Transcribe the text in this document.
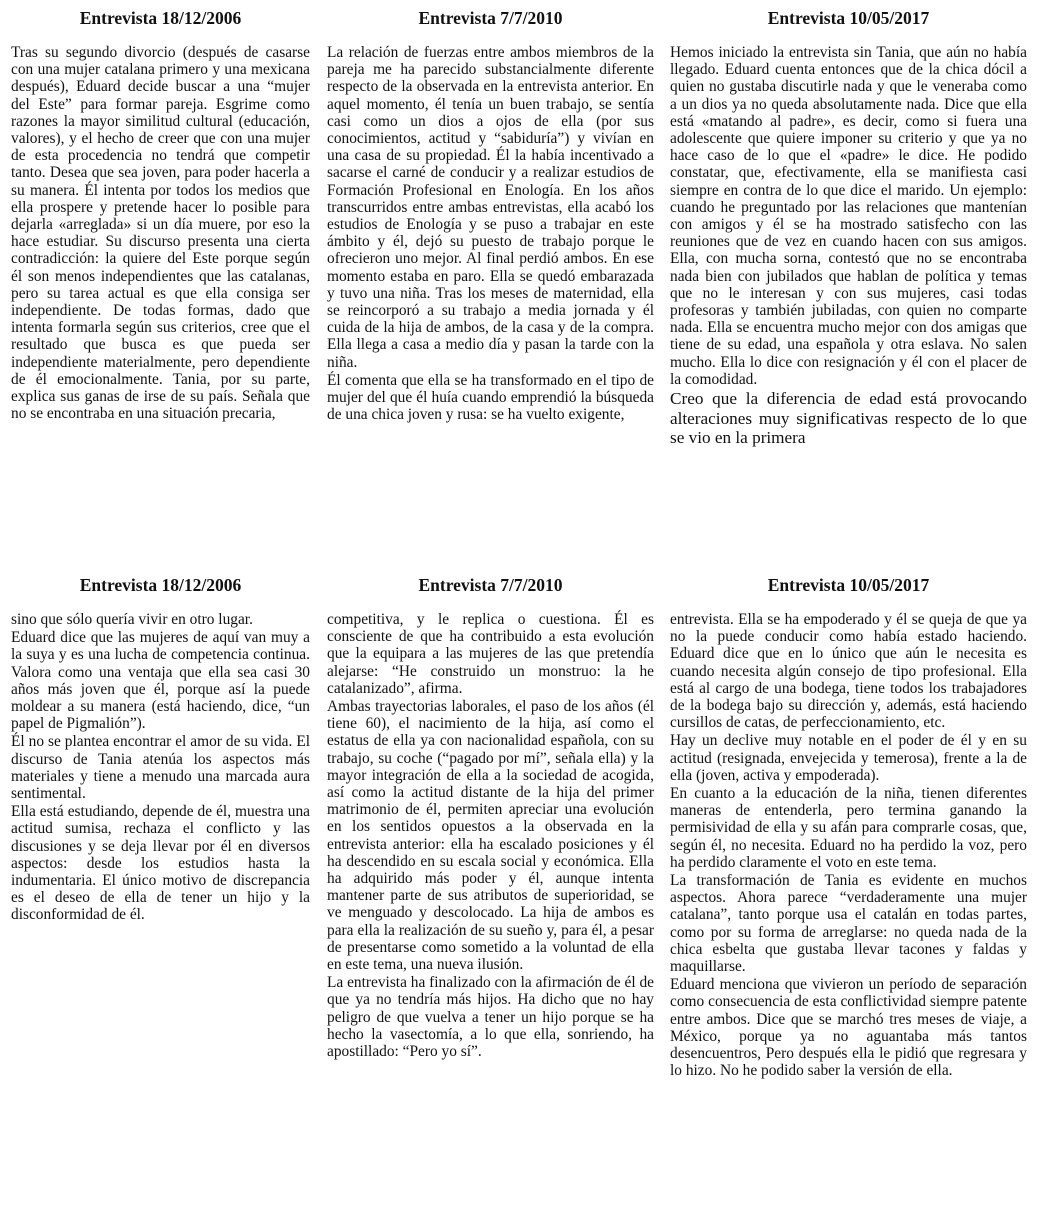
Entrevista 18/12/2006

Tras su segundo divorcio (después de casarse con una mujer catalana primero y una mexicana después), Eduard decide buscar a una “mujer del Este” para formar pareja. Esgrime como razones la mayor similitud cultural (educación, valores), y el hecho de creer que con una mujer de esta procedencia no tendrá que competir tanto. Desea que sea joven, para poder hacerla a su manera. Él intenta por todos los medios que ella prospere y pretende hacer lo posible para dejarla «arreglada» si un día muere, por eso la hace estudiar. Su discurso presenta una cierta contradicción: la quiere del Este porque según él son menos independientes que las catalanas, pero su tarea actual es que ella consiga ser independiente. De todas formas, dado que intenta formarla según sus criterios, cree que el resultado que busca es que pueda ser independiente materialmente, pero dependiente de él emocionalmente. Tania, por su parte, explica sus ganas de irse de su país. Señala que no se encontraba en una situación precaria,

Entrevista 7/7/2010

La relación de fuerzas entre ambos miembros de la pareja me ha parecido substancialmente diferente respecto de la observada en la entrevista anterior. En aquel momento, él tenía un buen trabajo, se sentía casi como un dios a ojos de ella (por sus conocimientos, actitud y “sabiduría”) y vivían en una casa de su propiedad. Él la había incentivado a sacarse el carné de conducir y a realizar estudios de Formación Profesional en Enología. En los años transcurridos entre ambas entrevistas, ella acabó los estudios de Enología y se puso a trabajar en este ámbito y él, dejó su puesto de trabajo porque le ofrecieron uno mejor. Al final perdió ambos. En ese momento estaba en paro. Ella se quedó embarazada y tuvo una niña. Tras los meses de maternidad, ella se reincorporó a su trabajo a media jornada y él cuida de la hija de ambos, de la casa y de la compra. Ella llega a casa a medio día y pasan la tarde con la niña.

Él comenta que ella se ha transformado en el tipo de mujer del que él huía cuando emprendió la búsqueda de una chica joven y rusa: se ha vuelto exigente,

Entrevista 10/05/2017

Hemos iniciado la entrevista sin Tania, que aún no había llegado. Eduard cuenta entonces que de la chica dócil a quien no gustaba discutirle nada y que le veneraba como a un dios ya no queda absolutamente nada. Dice que ella está «matando al padre», es decir, como si fuera una adolescente que quiere imponer su criterio y que ya no hace caso de lo que el «padre» le dice. He podido constatar, que, efectivamente, ella se manifiesta casi siempre en contra de lo que dice el marido. Un ejemplo: cuando he preguntado por las relaciones que mantenían con amigos y él se ha mostrado satisfecho con las reuniones que de vez en cuando hacen con sus amigos. Ella, con mucha sorna, contestó que no se encontraba nada bien con jubilados que hablan de política y temas que no le interesan y con sus mujeres, casi todas profesoras y también jubiladas, con quien no comparte nada. Ella se encuentra mucho mejor con dos amigas que tiene de su edad, una española y otra eslava. No salen mucho. Ella lo dice con resignación y él con el placer de la comodidad.

Creo que la diferencia de edad está provocando alteraciones muy significativas respecto de lo que se vio en la primera

Entrevista 18/12/2006

sino que sólo quería vivir en otro lugar.

Eduard dice que las mujeres de aquí van muy a la suya y es una lucha de competencia continua. Valora como una ventaja que ella sea casi 30 años más joven que él, porque así la puede moldear a su manera (está haciendo, dice, “un papel de Pigmalión”).

Él no se plantea encontrar el amor de su vida. El discurso de Tania atenúa los aspectos más materiales y tiene a menudo una marcada aura sentimental.

Ella está estudiando, depende de él, muestra una actitud sumisa, rechaza el conflicto y las discusiones y se deja llevar por él en diversos aspectos: desde los estudios hasta la indumentaria. El único motivo de discrepancia es el deseo de ella de tener un hijo y la disconformidad de él.

Entrevista 7/7/2010

competitiva, y le replica o cuestiona. Él es consciente de que ha contribuido a esta evolución que la equipara a las mujeres de las que pretendía alejarse: “He construido un monstruo: la he catalanizado”, afirma.

Ambas trayectorias laborales, el paso de los años (él tiene 60), el nacimiento de la hija, así como el estatus de ella ya con nacionalidad española, con su trabajo, su coche (“pagado por mí”, señala ella) y la mayor integración de ella a la sociedad de acogida, así como la actitud distante de la hija del primer matrimonio de él, permiten apreciar una evolución en los sentidos opuestos a la observada en la entrevista anterior: ella ha escalado posiciones y él ha descendido en su escala social y económica. Ella ha adquirido más poder y él, aunque intenta mantener parte de sus atributos de superioridad, se ve menguado y descolocado. La hija de ambos es para ella la realización de su sueño y, para él, a pesar de presentarse como sometido a la voluntad de ella en este tema, una nueva ilusión.

La entrevista ha finalizado con la afirmación de él de que ya no tendría más hijos. Ha dicho que no hay peligro de que vuelva a tener un hijo porque se ha hecho la vasectomía, a lo que ella, sonriendo, ha apostillado: “Pero yo sí”.

Entrevista 10/05/2017

entrevista. Ella se ha empoderado y él se queja de que ya no la puede conducir como había estado haciendo. Eduard dice que en lo único que aún le necesita es cuando necesita algún consejo de tipo profesional. Ella está al cargo de una bodega, tiene todos los trabajadores de la bodega bajo su dirección y, además, está haciendo cursillos de catas, de perfeccionamiento, etc.

Hay un declive muy notable en el poder de él y en su actitud (resignada, envejecida y temerosa), frente a la de ella (joven, activa y empoderada).

En cuanto a la educación de la niña, tienen diferentes maneras de entenderla, pero termina ganando la permisividad de ella y su afán para comprarle cosas, que, según él, no necesita. Eduard no ha perdido la voz, pero ha perdido claramente el voto en este tema.

La transformación de Tania es evidente en muchos aspectos. Ahora parece “verdaderamente una mujer catalana”, tanto porque usa el catalán en todas partes, como por su forma de arreglarse: no queda nada de la chica esbelta que gustaba llevar tacones y faldas y maquillarse.

Eduard menciona que vivieron un período de separación como consecuencia de esta conflictividad siempre patente entre ambos. Dice que se marchó tres meses de viaje, a México, porque ya no aguantaba más tantos desencuentros, Pero después ella le pidió que regresara y lo hizo. No he podido saber la versión de ella.
